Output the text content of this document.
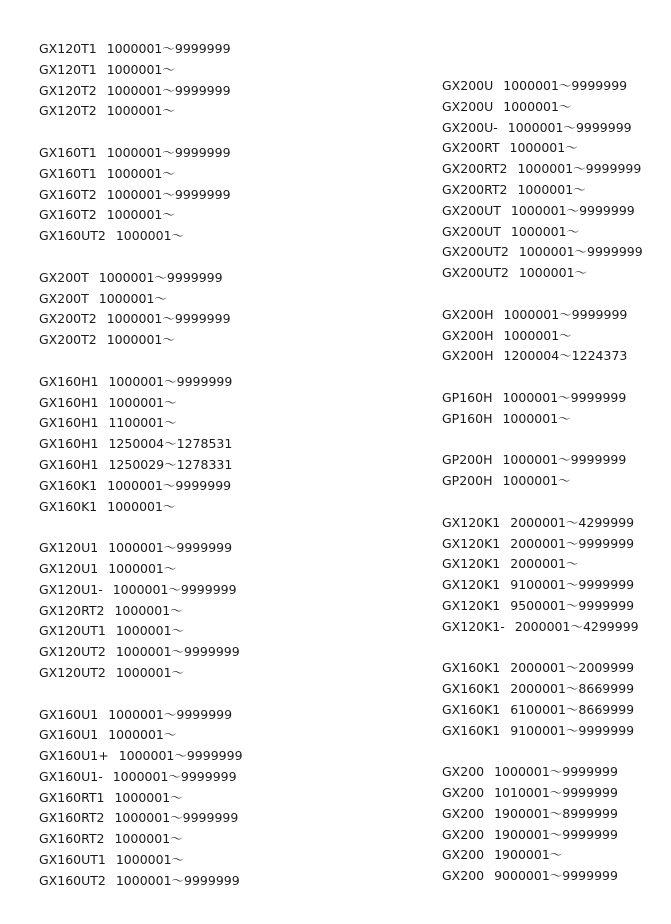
GX120T1 1000001～9999999
GX120T1 1000001～
GX120T2 1000001～9999999
GX120T2 1000001～
GX160T1 1000001～9999999
GX160T1 1000001～
GX160T2 1000001～9999999
GX160T2 1000001～
GX160UT2 1000001～
GX200T 1000001～9999999
GX200T 1000001～
GX200T2 1000001～9999999
GX200T2 1000001～
GX160H1 1000001～9999999
GX160H1 1000001～
GX160H1 1100001～
GX160H1 1250004～1278531
GX160H1 1250029～1278331
GX160K1 1000001～9999999
GX160K1 1000001～
GX120U1 1000001～9999999
GX120U1 1000001～
GX120U1- 1000001～9999999
GX120RT2 1000001～
GX120UT1 1000001～
GX120UT2 1000001～9999999
GX120UT2 1000001～
GX160U1 1000001～9999999
GX160U1 1000001～
GX160U1+ 1000001～9999999
GX160U1- 1000001～9999999
GX160RT1 1000001～
GX160RT2 1000001～9999999
GX160RT2 1000001～
GX160UT1 1000001～
GX160UT2 1000001～9999999
GX200U 1000001～9999999
GX200U 1000001～
GX200U- 1000001～9999999
GX200RT 1000001～
GX200RT2 1000001～9999999
GX200RT2 1000001～
GX200UT 1000001～9999999
GX200UT 1000001～
GX200UT2 1000001～9999999
GX200UT2 1000001～
GX200H 1000001～9999999
GX200H 1000001～
GX200H 1200004～1224373
GP160H 1000001～9999999
GP160H 1000001～
GP200H 1000001～9999999
GP200H 1000001～
GX120K1 2000001～4299999
GX120K1 2000001～9999999
GX120K1 2000001～
GX120K1 9100001～9999999
GX120K1 9500001～9999999
GX120K1- 2000001～4299999
GX160K1 2000001～2009999
GX160K1 2000001～8669999
GX160K1 6100001～8669999
GX160K1 9100001～9999999
GX200 1000001～9999999
GX200 1010001～9999999
GX200 1900001～8999999
GX200 1900001～9999999
GX200 1900001～
GX200 9000001～9999999
